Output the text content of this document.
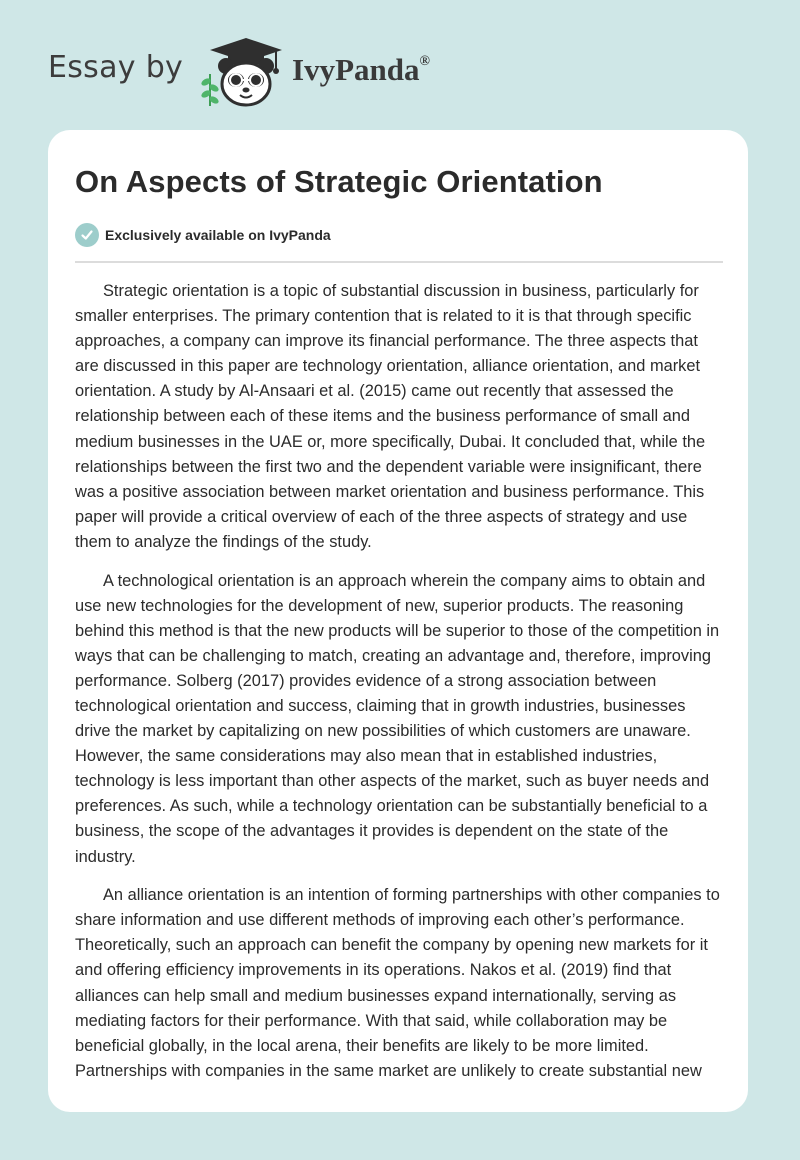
Essay by	IvyPanda®
On Aspects of Strategic Orientation
Exclusively available on IvyPanda

Strategic orientation is a topic of substantial discussion in business, particularly for smaller enterprises. The primary contention that is related to it is that through specific approaches, a company can improve its financial performance. The three aspects that are discussed in this paper are technology orientation, alliance orientation, and market orientation. A study by Al-Ansaari et al. (2015) came out recently that assessed the relationship between each of these items and the business performance of small and medium businesses in the UAE or, more specifically, Dubai. It concluded that, while the relationships between the first two and the dependent variable were insignificant, there was a positive association between market orientation and business performance. This paper will provide a critical overview of each of the three aspects of strategy and use them to analyze the findings of the study.

A technological orientation is an approach wherein the company aims to obtain and use new technologies for the development of new, superior products. The reasoning behind this method is that the new products will be superior to those of the competition in ways that can be challenging to match, creating an advantage and, therefore, improving performance. Solberg (2017) provides evidence of a strong association between technological orientation and success, claiming that in growth industries, businesses drive the market by capitalizing on new possibilities of which customers are unaware. However, the same considerations may also mean that in established industries, technology is less important than other aspects of the market, such as buyer needs and preferences. As such, while a technology orientation can be substantially beneficial to a business, the scope of the advantages it provides is dependent on the state of the industry.

An alliance orientation is an intention of forming partnerships with other companies to share information and use different methods of improving each other’s performance. Theoretically, such an approach can benefit the company by opening new markets for it and offering efficiency improvements in its operations. Nakos et al. (2019) find that alliances can help small and medium businesses expand internationally, serving as mediating factors for their performance. With that said, while collaboration may be beneficial globally, in the local arena, their benefits are likely to be more limited. Partnerships with companies in the same market are unlikely to create substantial new
